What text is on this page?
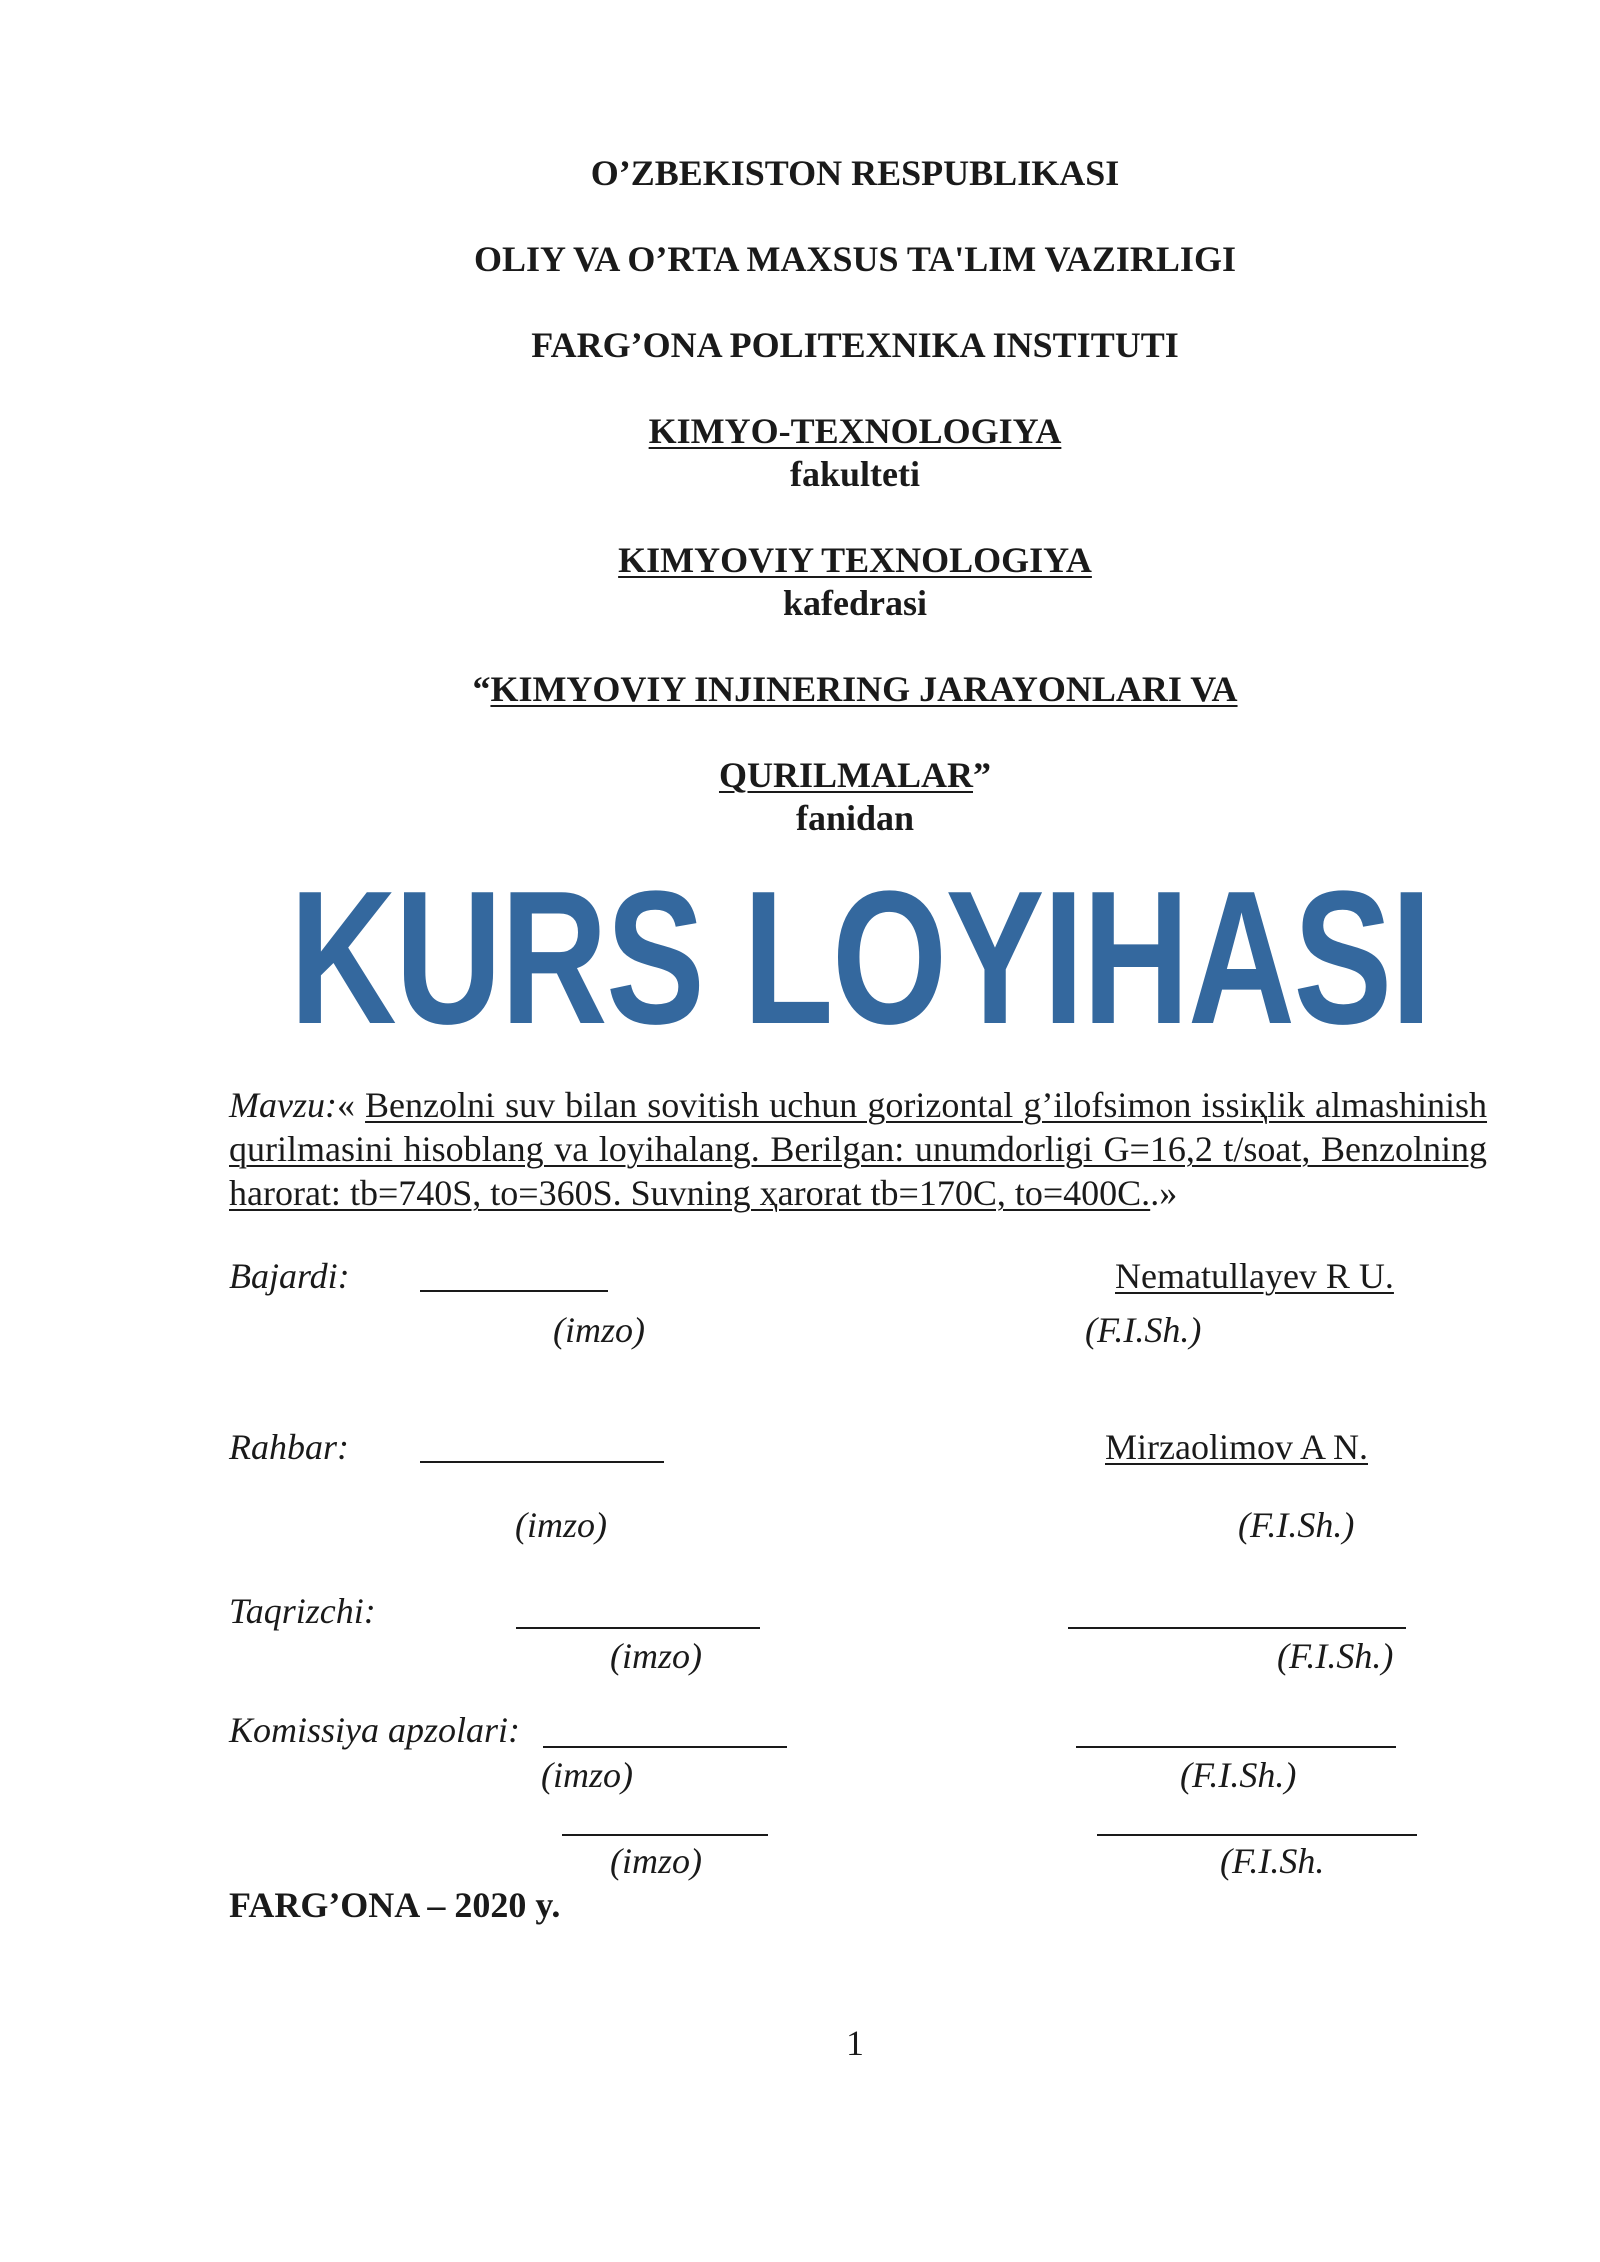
O’ZBEKISTON RESPUBLIKASI
OLIY VA O’RTA MAXSUS TA'LIM VAZIRLIGI
FARG’ONA POLITEXNIKA INSTITUTI
KIMYO-TEXNOLOGIYA
fakulteti
KIMYOVIY TEXNOLOGIYA
kafedrasi
“KIMYOVIY INJINERING JARAYONLARI VA
QURILMALAR”
fanidan
KURS LOYIHASI
Mavzu:« Benzolni suv bilan sovitish uchun gorizontal g’ilofsimon issiқlik almashinish qurilmasini hisoblang va loyihalang. Berilgan: unumdorligi G=16,2 t/soat, Benzolning harorat: tb=740S, to=360S. Suvning ҳarorat tb=170C, to=400C..»
Bajardi:	Nematullayev R U.
(imzo)	(F.I.Sh.)
Rahbar:	Mirzaolimov A N.
(imzo)	(F.I.Sh.)
Taqrizchi:
(imzo)	(F.I.Sh.)
Komissiya apzolari:
(imzo)	(F.I.Sh.)
(imzo)	(F.I.Sh.
FARG’ONA – 2020 y.
1
